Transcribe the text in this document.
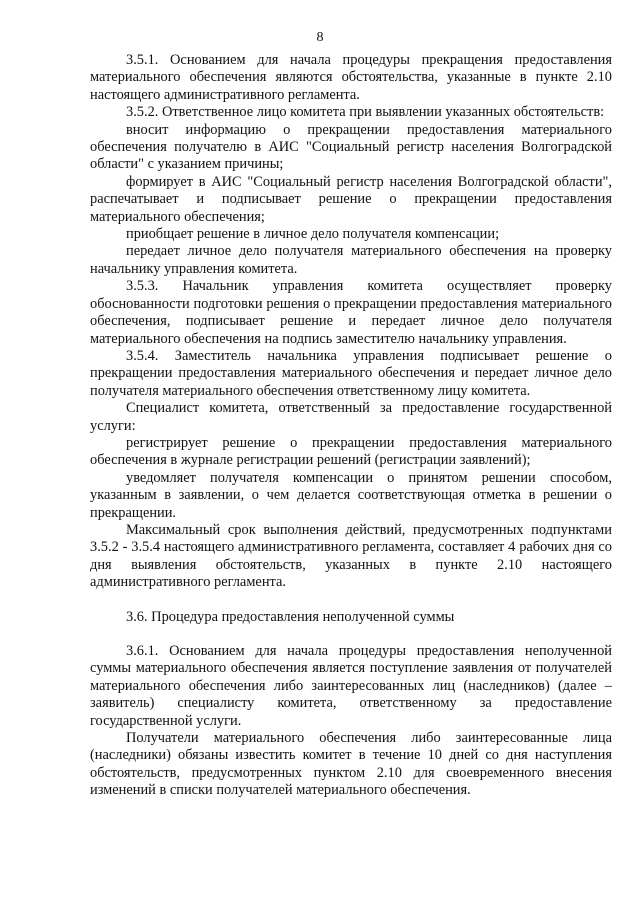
8

3.5.1. Основанием для начала процедуры прекращения предоставления материального обеспечения являются обстоятельства, указанные в пункте 2.10 настоящего административного регламента.

3.5.2. Ответственное лицо комитета при выявлении указанных обстоятельств:

вносит информацию о прекращении предоставления материального обеспечения получателю в АИС "Социальный регистр населения Волгоградской области" с указанием причины;

формирует в АИС "Социальный регистр населения Волгоградской области", распечатывает и подписывает решение о прекращении предоставления материального обеспечения;

приобщает решение в личное дело получателя компенсации;

передает личное дело получателя материального обеспечения на проверку начальнику управления комитета.

3.5.3. Начальник управления комитета осуществляет проверку обоснованности подготовки решения о прекращении предоставления материального обеспечения, подписывает решение и передает личное дело получателя материального обеспечения на подпись заместителю начальнику управления.

3.5.4. Заместитель начальника управления подписывает решение о прекращении предоставления материального обеспечения и передает личное дело получателя материального обеспечения ответственному лицу комитета.

Специалист комитета, ответственный за предоставление государственной услуги:

регистрирует решение о прекращении предоставления материального обеспечения в журнале регистрации решений (регистрации заявлений);

уведомляет получателя компенсации о принятом решении способом, указанным в заявлении, о чем делается соответствующая отметка в решении о прекращении.

Максимальный срок выполнения действий, предусмотренных подпунктами 3.5.2 - 3.5.4 настоящего административного регламента, составляет 4 рабочих дня со дня выявления обстоятельств, указанных в пункте 2.10 настоящего административного регламента.

3.6. Процедура предоставления неполученной суммы

3.6.1. Основанием для начала процедуры предоставления неполученной суммы материального обеспечения является поступление заявления от получателей материального обеспечения либо заинтересованных лиц (наследников) (далее – заявитель) специалисту комитета, ответственному за предоставление государственной услуги.

Получатели материального обеспечения либо заинтересованные лица (наследники) обязаны известить комитет в течение 10 дней со дня наступления обстоятельств, предусмотренных пунктом 2.10 для своевременного внесения изменений в списки получателей материального обеспечения.
